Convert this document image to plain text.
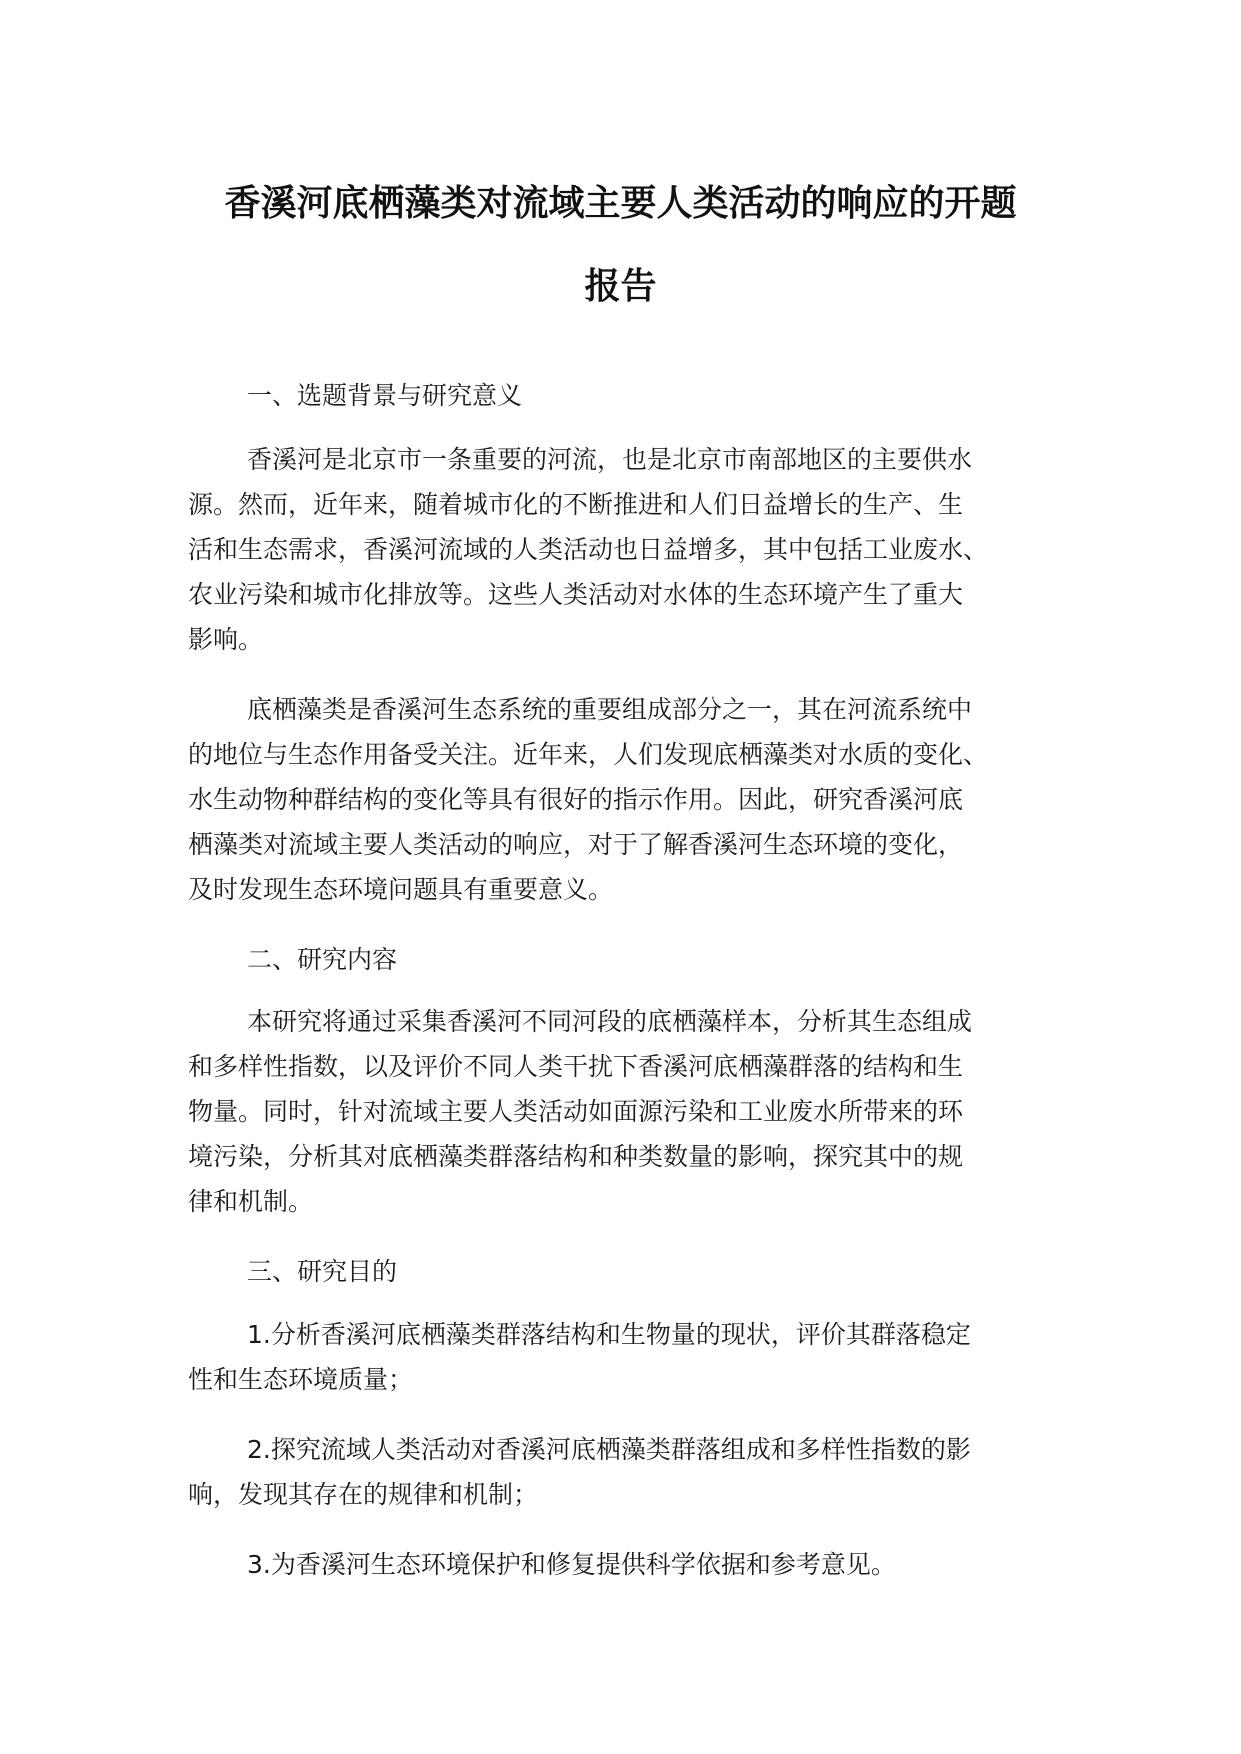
香溪河底栖藻类对流域主要人类活动的响应的开题
报告
一、选题背景与研究意义
香溪河是北京市一条重要的河流，也是北京市南部地区的主要供水
源。然而，近年来，随着城市化的不断推进和人们日益增长的生产、生
活和生态需求，香溪河流域的人类活动也日益增多，其中包括工业废水、
农业污染和城市化排放等。这些人类活动对水体的生态环境产生了重大
影响。
底栖藻类是香溪河生态系统的重要组成部分之一，其在河流系统中
的地位与生态作用备受关注。近年来，人们发现底栖藻类对水质的变化、
水生动物种群结构的变化等具有很好的指示作用。因此，研究香溪河底
栖藻类对流域主要人类活动的响应，对于了解香溪河生态环境的变化，
及时发现生态环境问题具有重要意义。
二、研究内容
本研究将通过采集香溪河不同河段的底栖藻样本，分析其生态组成
和多样性指数，以及评价不同人类干扰下香溪河底栖藻群落的结构和生
物量。同时，针对流域主要人类活动如面源污染和工业废水所带来的环
境污染，分析其对底栖藻类群落结构和种类数量的影响，探究其中的规
律和机制。
三、研究目的
1.分析香溪河底栖藻类群落结构和生物量的现状，评价其群落稳定
性和生态环境质量；
2.探究流域人类活动对香溪河底栖藻类群落组成和多样性指数的影
响，发现其存在的规律和机制；
3.为香溪河生态环境保护和修复提供科学依据和参考意见。
